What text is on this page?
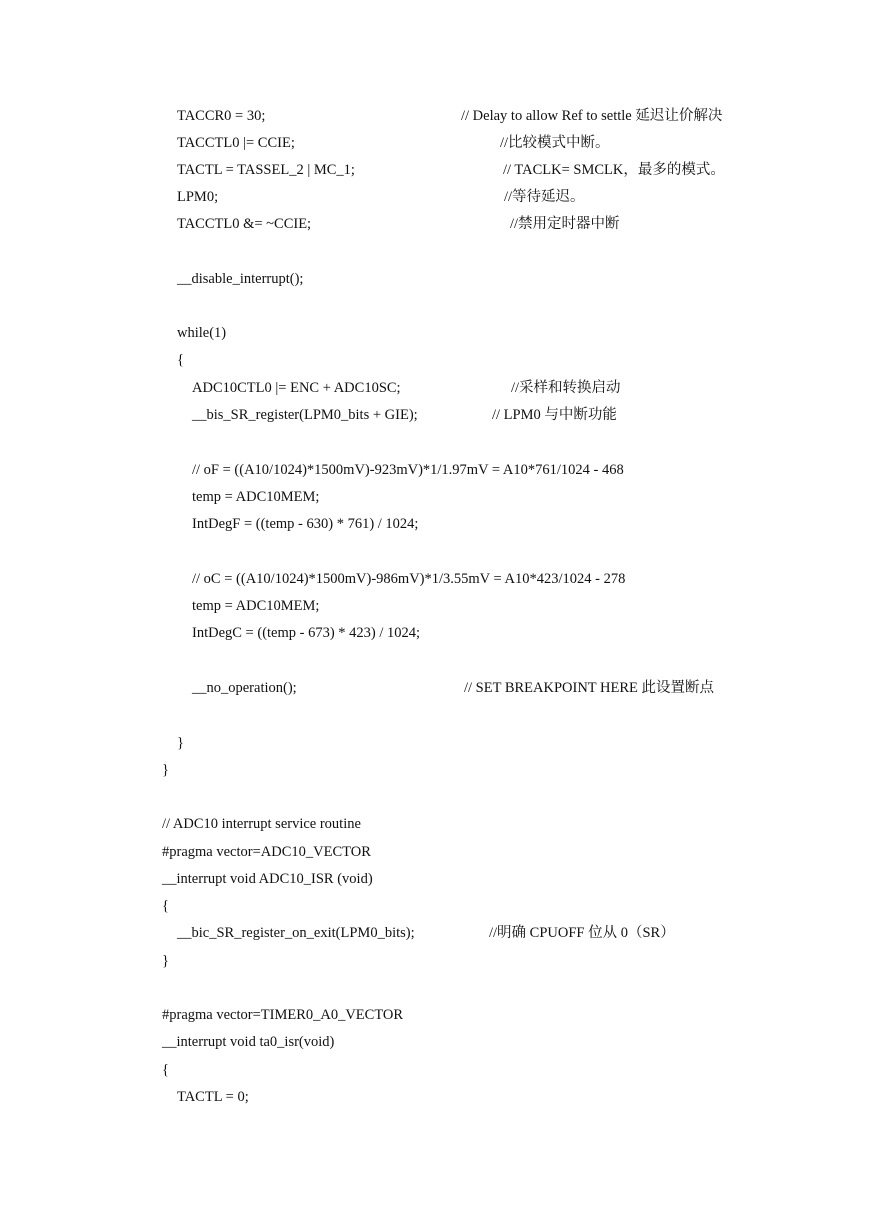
TACCR0 = 30;	// Delay to allow Ref to settle 延迟让价解决
TACCTL0 |= CCIE;	//比较模式中断。
TACTL = TASSEL_2 | MC_1;	// TACLK= SMCLK，最多的模式。
LPM0;	//等待延迟。
TACCTL0 &= ~CCIE;	//禁用定时器中断
__disable_interrupt();
while(1)
{
ADC10CTL0 |= ENC + ADC10SC;	//采样和转换启动
__bis_SR_register(LPM0_bits + GIE);	// LPM0 与中断功能
// oF = ((A10/1024)*1500mV)-923mV)*1/1.97mV = A10*761/1024 - 468
temp = ADC10MEM;
IntDegF = ((temp - 630) * 761) / 1024;
// oC = ((A10/1024)*1500mV)-986mV)*1/3.55mV = A10*423/1024 - 278
temp = ADC10MEM;
IntDegC = ((temp - 673) * 423) / 1024;
__no_operation();	// SET BREAKPOINT HERE 此设置断点
}
}
// ADC10 interrupt service routine
#pragma vector=ADC10_VECTOR
__interrupt void ADC10_ISR (void)
{
__bic_SR_register_on_exit(LPM0_bits);	//明确 CPUOFF 位从 0（SR）
}
#pragma vector=TIMER0_A0_VECTOR
__interrupt void ta0_isr(void)
{
TACTL = 0;
